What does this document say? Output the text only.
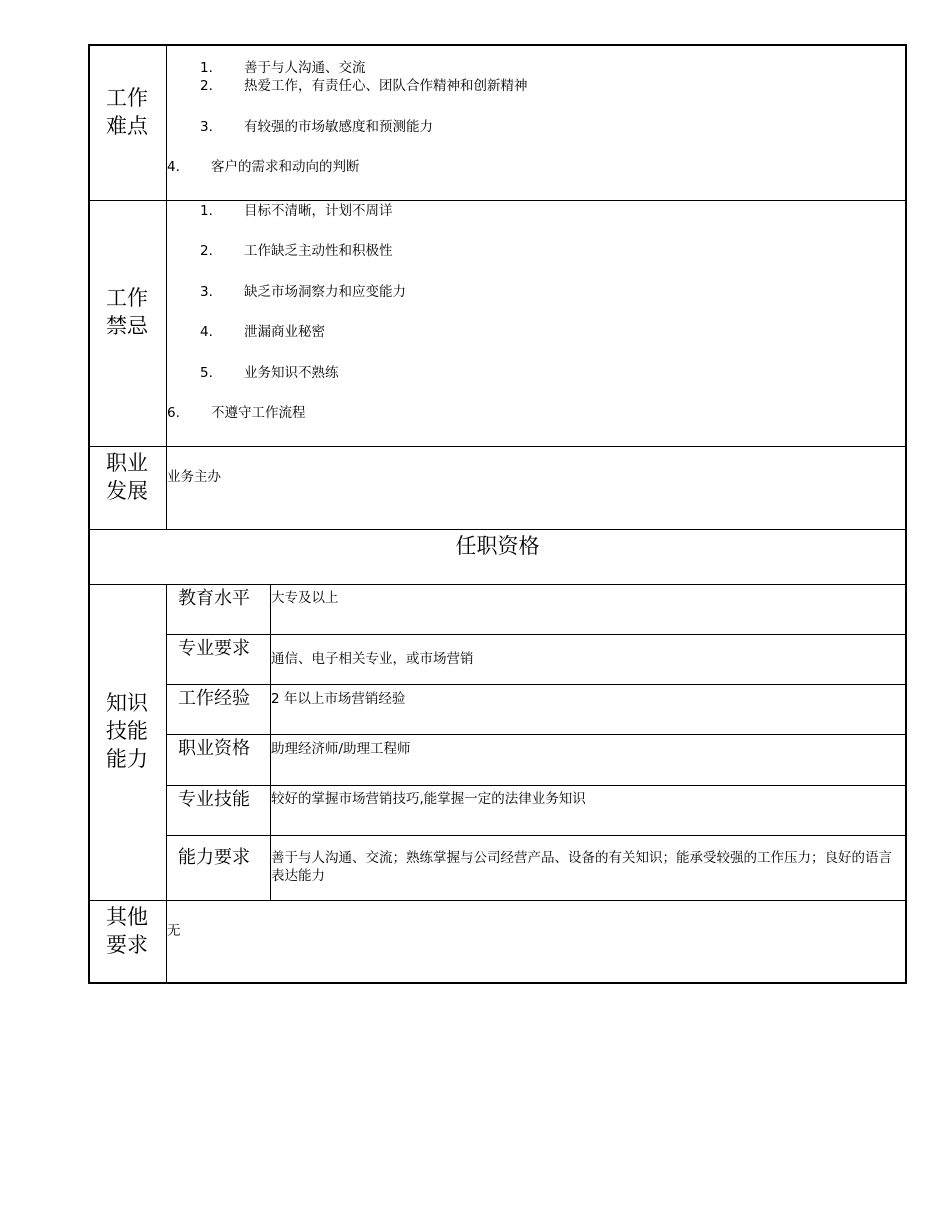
工作
难点
1. 善于与人沟通、交流
2. 热爱工作，有责任心、团队合作精神和创新精神
3. 有较强的市场敏感度和预测能力
4. 客户的需求和动向的判断
工作
禁忌
1. 目标不清晰，计划不周详
2. 工作缺乏主动性和积极性
3. 缺乏市场洞察力和应变能力
4. 泄漏商业秘密
5. 业务知识不熟练
6. 不遵守工作流程
职业
发展
业务主办
任职资格
知识
技能
能力
教育水平 大专及以上
专业要求 通信、电子相关专业，或市场营销
工作经验 2 年以上市场营销经验
职业资格 助理经济师/助理工程师
专业技能 较好的掌握市场营销技巧,能掌握一定的法律业务知识
能力要求 善于与人沟通、交流；熟练掌握与公司经营产品、设备的有关知识；能承受较强的工作压力；良好的语言表达能力
其他
要求
无
